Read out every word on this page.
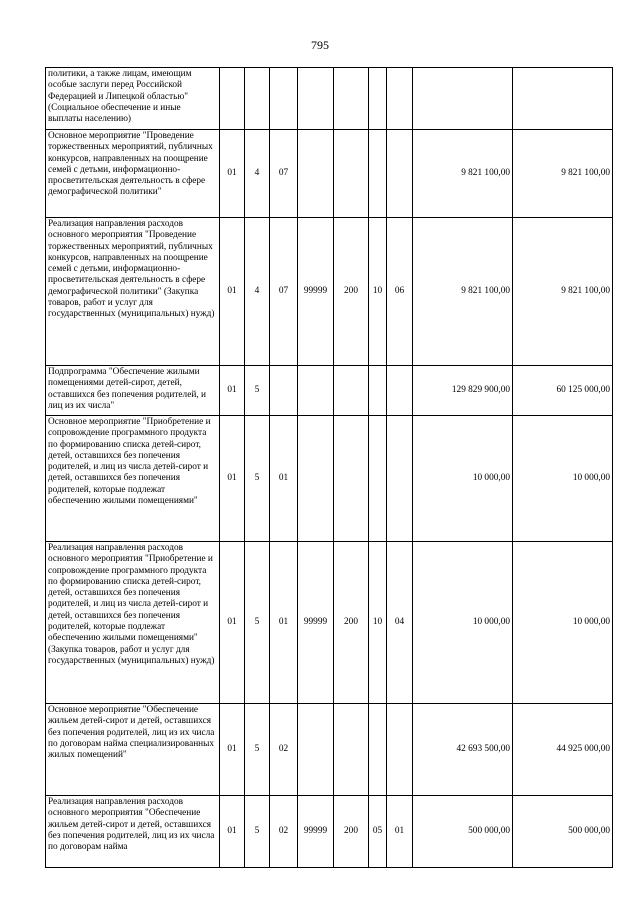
795
политики, а также лицам, имеющим особые заслуги перед Российской Федерацией и Липецкой областью" (Социальное обеспечение и иные выплаты населению)									
Основное мероприятие "Проведение торжественных мероприятий, публичных конкурсов, направленных на поощрение семей с детьми, информационно-просветительская деятельность в сфере демографической политики"	01	4	07					9 821 100,00	9 821 100,00
Реализация направления расходов основного мероприятия "Проведение торжественных мероприятий, публичных конкурсов, направленных на поощрение семей с детьми, информационно-просветительская деятельность в сфере демографической политики" (Закупка товаров, работ и услуг для государственных (муниципальных) нужд)	01	4	07	99999	200	10	06	9 821 100,00	9 821 100,00
Подпрограмма "Обеспечение жилыми помещениями детей-сирот, детей, оставшихся без попечения родителей, и лиц из их числа"	01	5						129 829 900,00	60 125 000,00
Основное мероприятие "Приобретение и сопровождение программного продукта по формированию списка детей-сирот, детей, оставшихся без попечения родителей, и лиц из числа детей-сирот и детей, оставшихся без попечения родителей, которые подлежат обеспечению жилыми помещениями"	01	5	01					10 000,00	10 000,00
Реализация направления расходов основного мероприятия "Приобретение и сопровождение программного продукта по формированию списка детей-сирот, детей, оставшихся без попечения родителей, и лиц из числа детей-сирот и детей, оставшихся без попечения родителей, которые подлежат обеспечению жилыми помещениями" (Закупка товаров, работ и услуг для государственных (муниципальных) нужд)	01	5	01	99999	200	10	04	10 000,00	10 000,00
Основное мероприятие "Обеспечение жильем детей-сирот и детей, оставшихся без попечения родителей, лиц из их числа по договорам найма специализированных жилых помещений"	01	5	02					42 693 500,00	44 925 000,00
Реализация направления расходов основного мероприятия "Обеспечение жильем детей-сирот и детей, оставшихся без попечения родителей, лиц из их числа по договорам найма	01	5	02	99999	200	05	01	500 000,00	500 000,00
